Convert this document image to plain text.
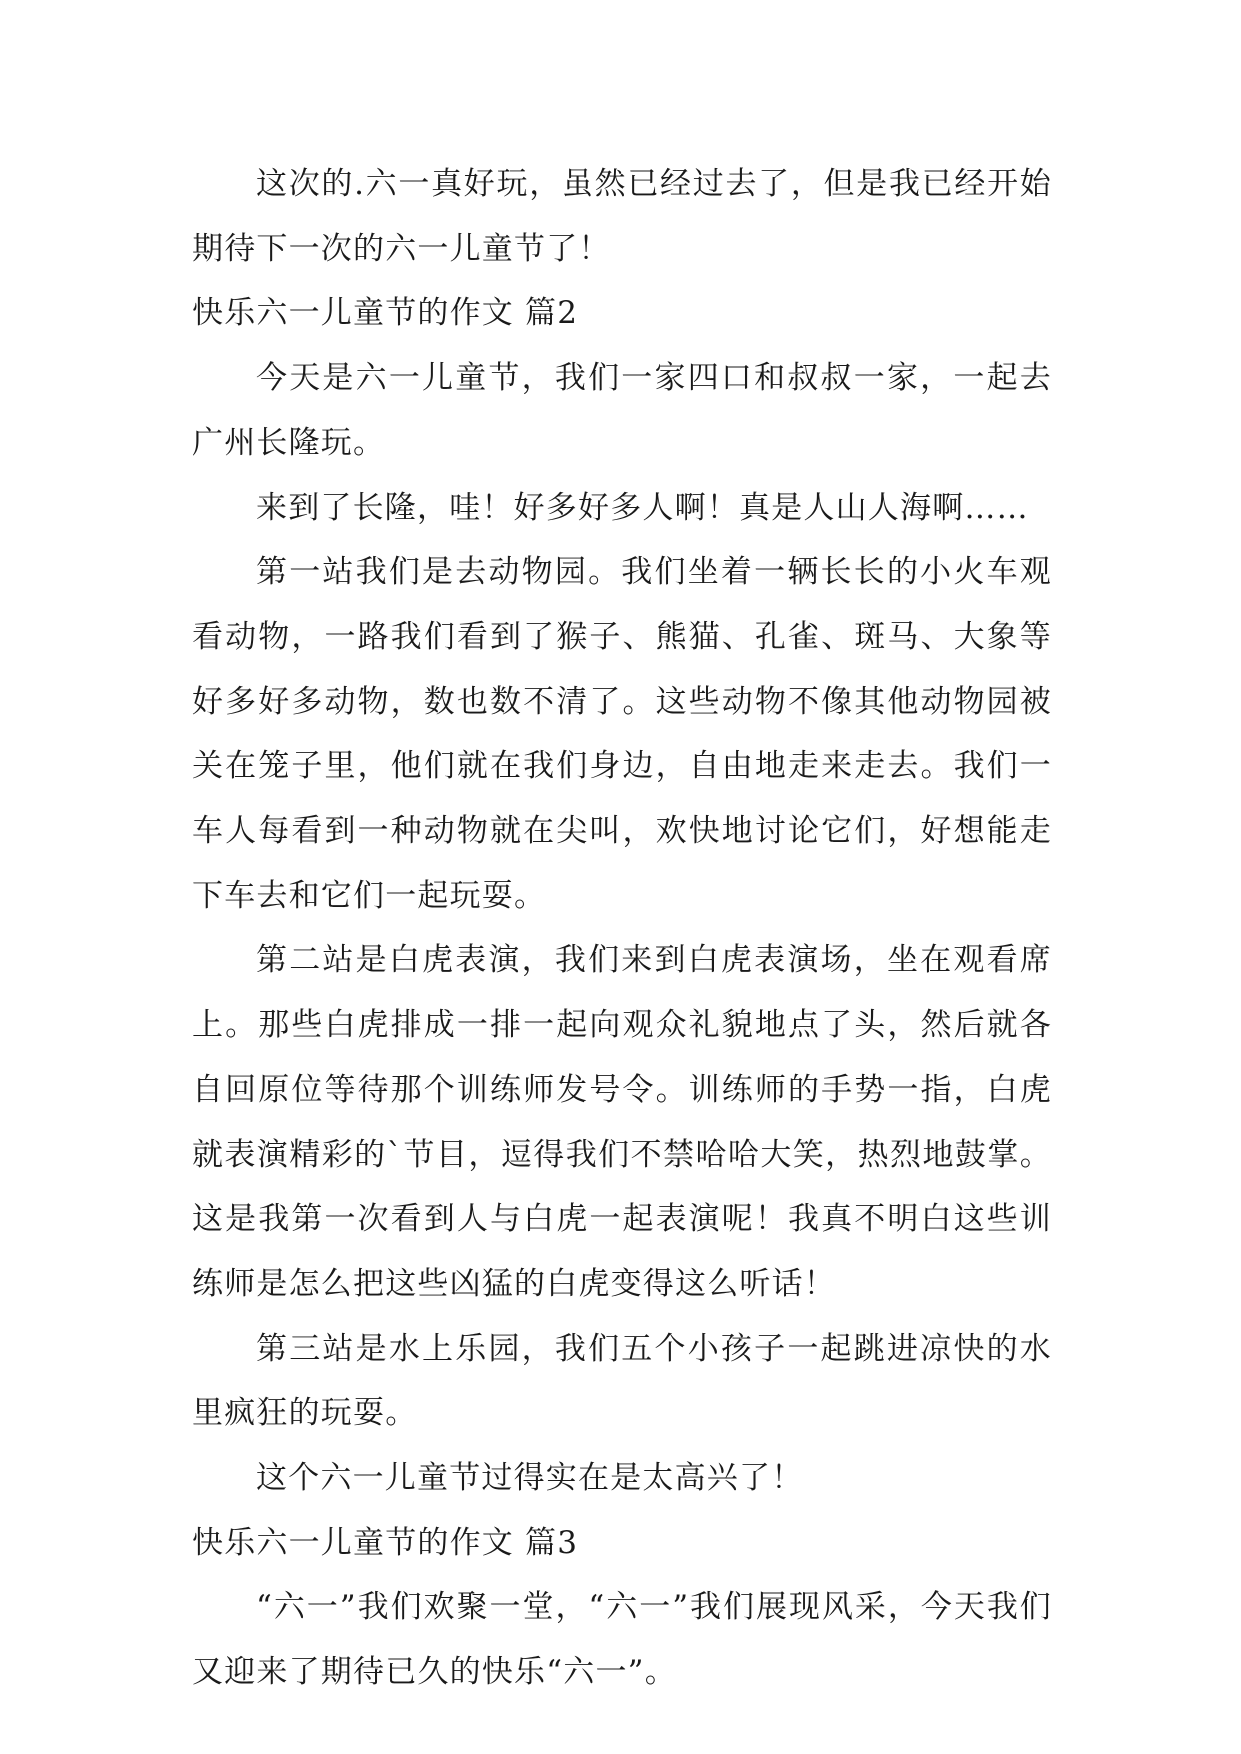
这次的.六一真好玩，虽然已经过去了，但是我已经开始期待下一次的六一儿童节了！

快乐六一儿童节的作文 篇2

今天是六一儿童节，我们一家四口和叔叔一家，一起去广州长隆玩。

来到了长隆，哇！好多好多人啊！真是人山人海啊……

第一站我们是去动物园。我们坐着一辆长长的小火车观看动物，一路我们看到了猴子、熊猫、孔雀、斑马、大象等好多好多动物，数也数不清了。这些动物不像其他动物园被关在笼子里，他们就在我们身边，自由地走来走去。我们一车人每看到一种动物就在尖叫，欢快地讨论它们，好想能走下车去和它们一起玩耍。

第二站是白虎表演，我们来到白虎表演场，坐在观看席上。那些白虎排成一排一起向观众礼貌地点了头，然后就各自回原位等待那个训练师发号令。训练师的手势一指，白虎就表演精彩的`节目，逗得我们不禁哈哈大笑，热烈地鼓掌。这是我第一次看到人与白虎一起表演呢！我真不明白这些训练师是怎么把这些凶猛的白虎变得这么听话！

第三站是水上乐园，我们五个小孩子一起跳进凉快的水里疯狂的玩耍。

这个六一儿童节过得实在是太高兴了！

快乐六一儿童节的作文 篇3

“六一”我们欢聚一堂，“六一”我们展现风采，今天我们又迎来了期待已久的快乐“六一”。
